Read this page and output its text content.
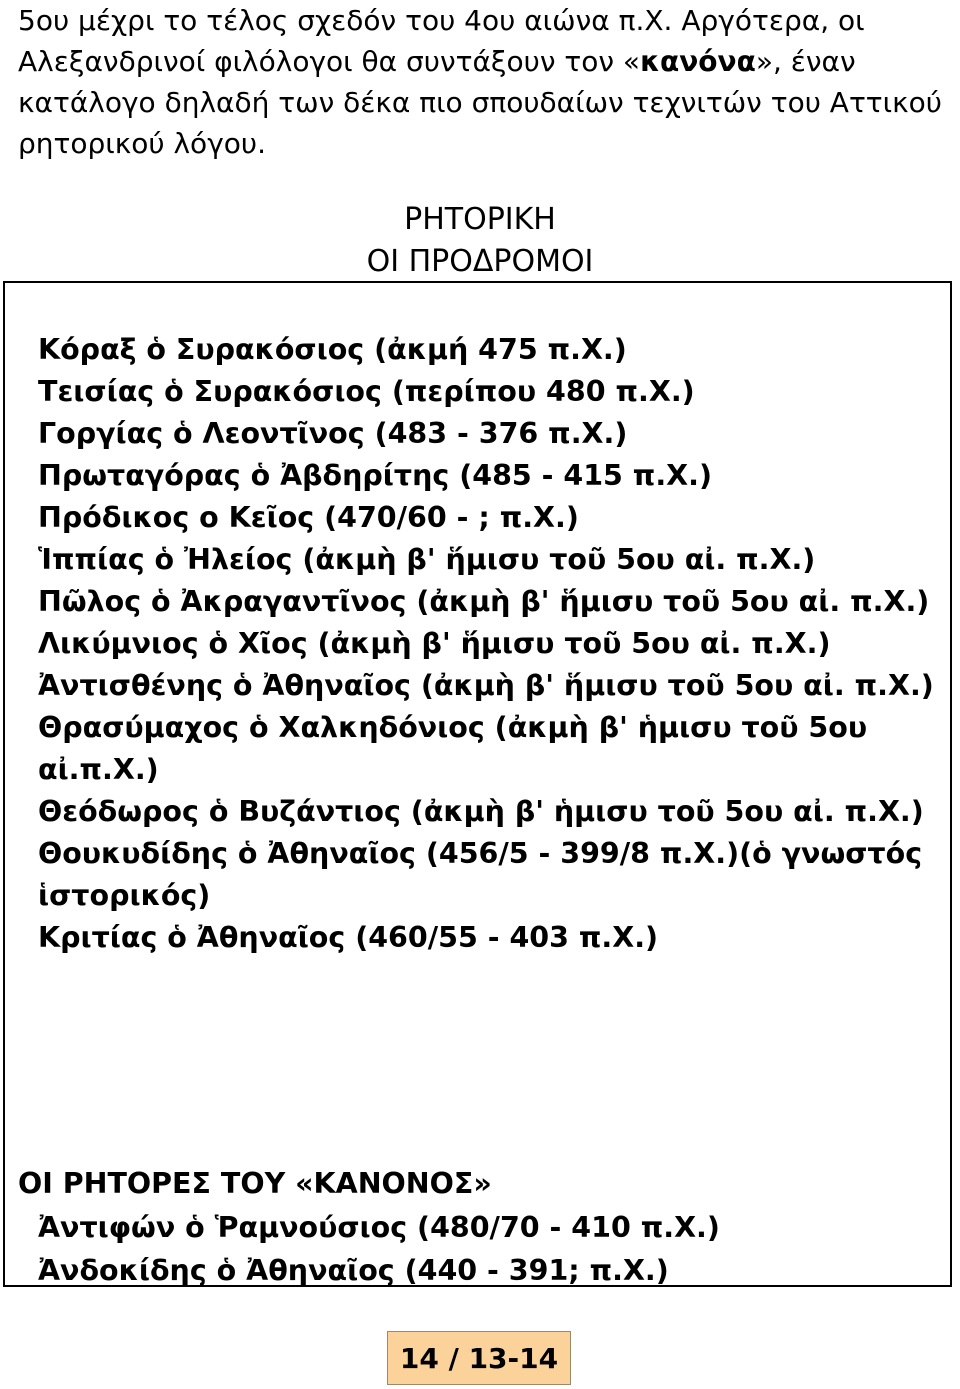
5ου μέχρι το τέλος σχεδόν του 4ου αιώνα π.Χ. Αργότερα, οι Αλεξανδρινοί φιλόλογοι θα συντάξουν τον «κανόνα», έναν κατάλογο δηλαδή των δέκα πιο σπουδαίων τεχνιτών του Αττικού ρητορικού λόγου.

ΡΗΤΟΡΙΚΗ
ΟΙ ΠΡΟΔΡΟΜΟΙ
Κόραξ ὁ Συρακόσιος (ἀκμή 475 π.Χ.)
Τεισίας ὁ Συρακόσιος (περίπου 480 π.Χ.)
Γοργίας ὁ Λεοντῖνος (483 - 376 π.Χ.)
Πρωταγόρας ὁ Ἀβδηρίτης (485 - 415 π.Χ.)
Πρόδικος ο Κεῖος (470/60 - ; π.Χ.)
Ἱππίας ὁ Ἠλείος (ἀκμὴ β' ἥμισυ τοῦ 5ου αἰ. π.Χ.)
Πῶλος ὁ Ἀκραγαντῖνος (ἀκμὴ β' ἥμισυ τοῦ 5ου αἰ. π.Χ.)
Λικύμνιος ὁ Χῖος (ἀκμὴ β' ἥμισυ τοῦ 5ου αἰ. π.Χ.)
Ἀντισθένης ὁ Ἀθηναῖος (ἀκμὴ β' ἥμισυ τοῦ 5ου αἰ. π.Χ.)
Θρασύμαχος ὁ Χαλκηδόνιος (ἀκμὴ β' ἡμισυ τοῦ 5ου αἰ.π.Χ.)
Θεόδωρος ὁ Βυζάντιος (ἀκμὴ β' ἡμισυ τοῦ 5ου αἰ. π.Χ.)
Θουκυδίδης ὁ Ἀθηναῖος (456/5 - 399/8 π.Χ.)(ὁ γνωστός ἱστορικός)
Κριτίας ὁ Ἀθηναῖος (460/55 - 403 π.Χ.)
ΟΙ ΡΗΤΟΡΕΣ ΤΟΥ «ΚΑΝΟΝΟΣ»
Ἀντιφών ὁ Ῥαμνούσιος (480/70 - 410 π.Χ.)
Ἀνδοκίδης ὁ Ἀθηναῖος (440 - 391; π.Χ.)
14 / 13-14
